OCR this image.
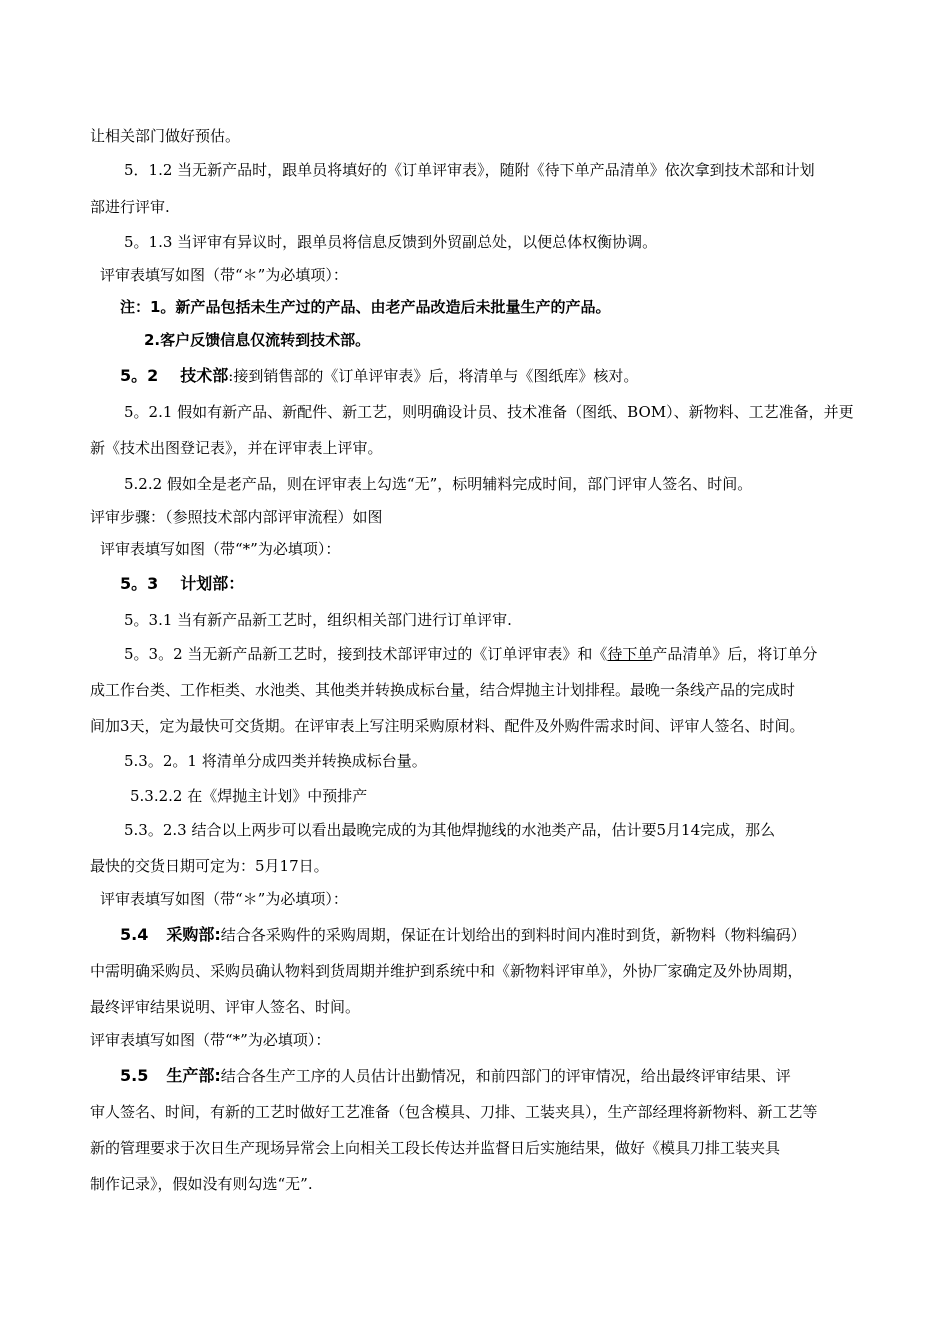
让相关部门做好预估。
5．1.2 当无新产品时，跟单员将填好的《订单评审表》，随附《待下单产品清单》依次拿到技术部和计划
部进行评审.
5。1.3 当评审有异议时，跟单员将信息反馈到外贸副总处，以便总体权衡协调。
评审表填写如图（带“＊”为必填项）：
注：1。新产品包括未生产过的产品、由老产品改造后未批量生产的产品。
2.客户反馈信息仅流转到技术部。
5。2 技术部:接到销售部的《订单评审表》后，将清单与《图纸库》核对。
5。2.1 假如有新产品、新配件、新工艺，则明确设计员、技术准备（图纸、BOM）、新物料、工艺准备，并更
新《技术出图登记表》，并在评审表上评审。
5.2.2 假如全是老产品，则在评审表上勾选“无”，标明辅料完成时间，部门评审人签名、时间。
评审步骤：（参照技术部内部评审流程）如图
评审表填写如图（带“*”为必填项）：
5。3 计划部：
5。3.1 当有新产品新工艺时，组织相关部门进行订单评审.
5。3。2 当无新产品新工艺时，接到技术部评审过的《订单评审表》和《待下单产品清单》后，将订单分
成工作台类、工作柜类、水池类、其他类并转换成标台量，结合焊抛主计划排程。最晚一条线产品的完成时
间加3天，定为最快可交货期。在评审表上写注明采购原材料、配件及外购件需求时间、评审人签名、时间。
5.3。2。1 将清单分成四类并转换成标台量。
5.3.2.2 在《焊抛主计划》中预排产
5.3。2.3 结合以上两步可以看出最晚完成的为其他焊抛线的水池类产品，估计要5月14完成，那么
最快的交货日期可定为：5月17日。
评审表填写如图（带“＊”为必填项）：
5.4 采购部:结合各采购件的采购周期，保证在计划给出的到料时间内准时到货，新物料（物料编码）
中需明确采购员、采购员确认物料到货周期并维护到系统中和《新物料评审单》，外协厂家确定及外协周期，
最终评审结果说明、评审人签名、时间。
评审表填写如图（带“*”为必填项）：
5.5 生产部:结合各生产工序的人员估计出勤情况，和前四部门的评审情况，给出最终评审结果、评
审人签名、时间，有新的工艺时做好工艺准备（包含模具、刀排、工装夹具），生产部经理将新物料、新工艺等
新的管理要求于次日生产现场异常会上向相关工段长传达并监督日后实施结果，做好《模具刀排工装夹具
制作记录》，假如没有则勾选“无”.
